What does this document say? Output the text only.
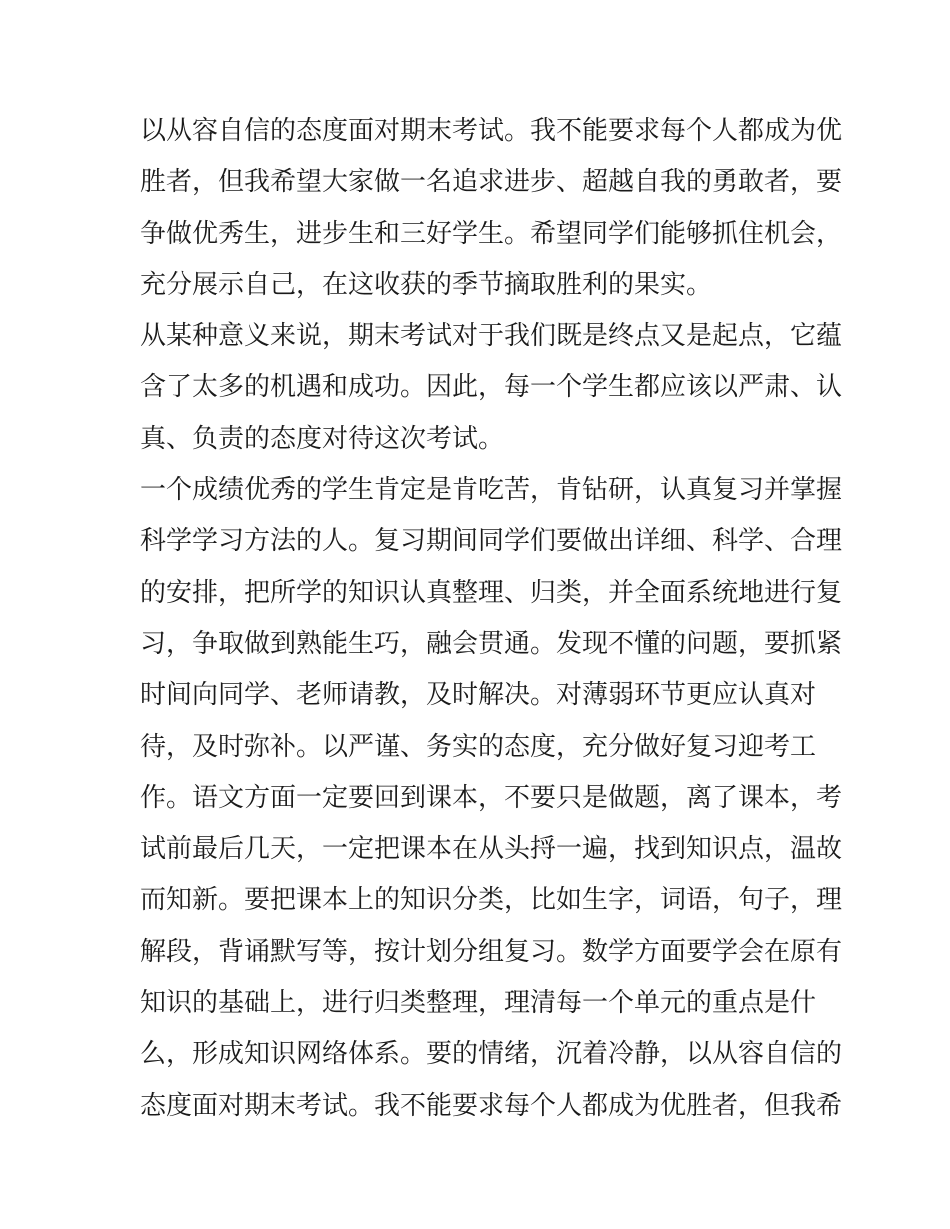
以从容自信的态度面对期末考试。我不能要求每个人都成为优
胜者，但我希望大家做一名追求进步、超越自我的勇敢者，要
争做优秀生，进步生和三好学生。希望同学们能够抓住机会，
充分展示自己，在这收获的季节摘取胜利的果实。
从某种意义来说，期末考试对于我们既是终点又是起点，它蕴
含了太多的机遇和成功。因此，每一个学生都应该以严肃、认
真、负责的态度对待这次考试。
一个成绩优秀的学生肯定是肯吃苦，肯钻研，认真复习并掌握
科学学习方法的人。复习期间同学们要做出详细、科学、合理
的安排，把所学的知识认真整理、归类，并全面系统地进行复
习，争取做到熟能生巧，融会贯通。发现不懂的问题，要抓紧
时间向同学、老师请教，及时解决。对薄弱环节更应认真对
待，及时弥补。以严谨、务实的态度，充分做好复习迎考工
作。语文方面一定要回到课本，不要只是做题，离了课本，考
试前最后几天，一定把课本在从头捋一遍，找到知识点，温故
而知新。要把课本上的知识分类，比如生字，词语，句子，理
解段，背诵默写等，按计划分组复习。数学方面要学会在原有
知识的基础上，进行归类整理，理清每一个单元的重点是什
么，形成知识网络体系。要的情绪，沉着冷静，以从容自信的
态度面对期末考试。我不能要求每个人都成为优胜者，但我希
